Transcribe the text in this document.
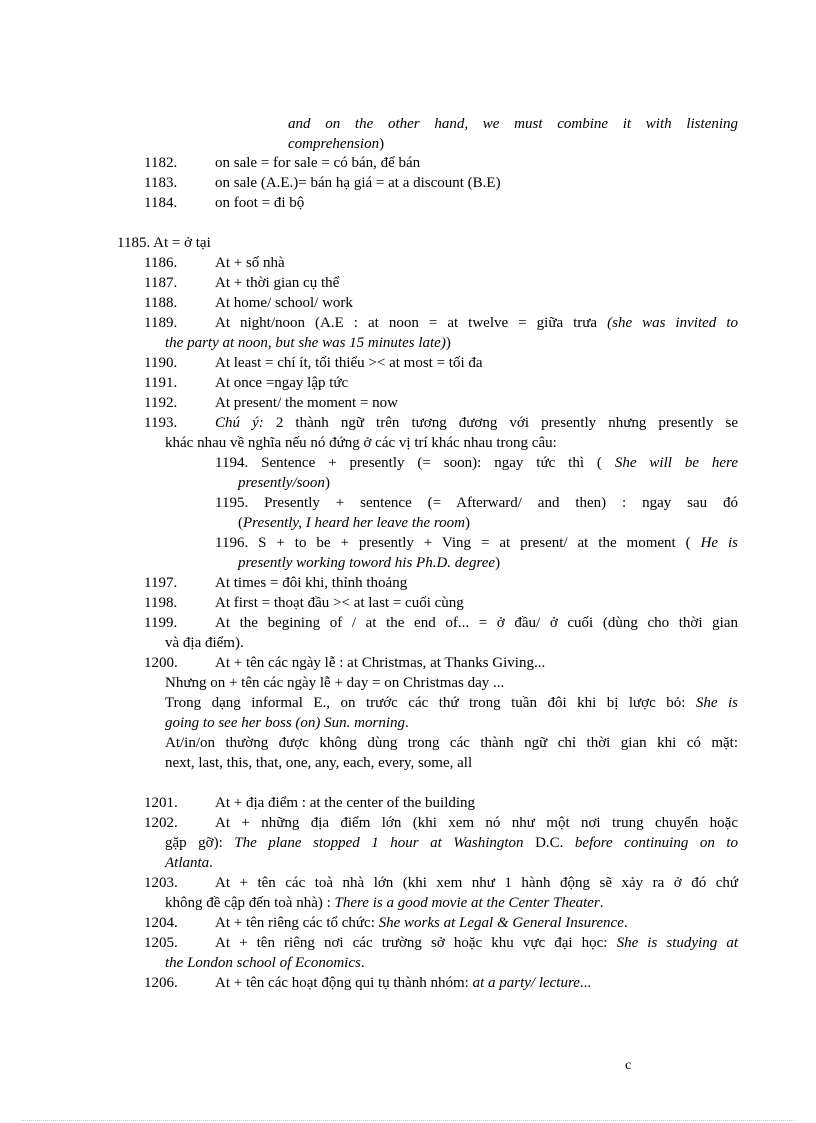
and on the other hand, we must combine it with listening
comprehension)
1182.	on sale = for sale = có bán, để bán
1183.	on sale (A.E.)= bán hạ giá = at a discount (B.E)
1184.	on foot = đi bộ
1185. At = ở tại
1186.	At + số nhà
1187.	At + thời gian cụ thể
1188.	At home/ school/ work
1189.	At night/noon (A.E : at noon = at twelve = giữa trưa (she was invited to
the party at noon, but she was 15 minutes late))
1190.	At least = chí ít, tối thiểu >< at most = tối đa
1191.	At once =ngay lập tức
1192.	At present/ the moment = now
1193.	Chú ý: 2 thành ngữ trên tương đương với presently nhưng presently se
khác nhau về nghĩa nếu nó đứng ở các vị trí khác nhau trong câu:
1194. Sentence + presently (= soon): ngay tức thì ( She will be here
presently/soon)
1195. Presently + sentence (= Afterward/ and then) : ngay sau đó
(Presently, I heard her leave the room)
1196. S + to be + presently + Ving = at present/ at the moment ( He is
presently working toword his Ph.D. degree)
1197.	At times = đôi khi, thỉnh thoảng
1198.	At first = thoạt đầu >< at last = cuối cùng
1199.	At the begining of / at the end of... = ở đầu/ ở cuối (dùng cho thời gian
và địa điểm).
1200. At + tên các ngày lễ : at Christmas, at Thanks Giving...
Nhưng on + tên các ngày lễ + day = on Christmas day ...
Trong dạng informal E., on trước các thứ trong tuần đôi khi bị lược bỏ: She is
going to see her boss (on) Sun. morning.
At/in/on thường được không dùng trong các thành ngữ chỉ thời gian khi có mặt:
next, last, this, that, one, any, each, every, some, all
1201. At + địa điểm : at the center of the building
1202. At + những địa điểm lớn (khi xem nó như một nơi trung chuyển hoặc
gặp gỡ): The plane stopped 1 hour at Washington D.C. before continuing on to
Atlanta.
1203. At + tên các toà nhà lớn (khi xem như 1 hành động sẽ xảy ra ở đó chứ
không đề cập đến toà nhà) : There is a good movie at the Center Theater.
1204. At + tên riêng các tổ chức: She works at Legal & General Insurence.
1205. At + tên riêng nơi các trường sở hoặc khu vực đại học: She is studying at
the London school of Economics.
1206. At + tên các hoạt động qui tụ thành nhóm: at a party/ lecture...
c
